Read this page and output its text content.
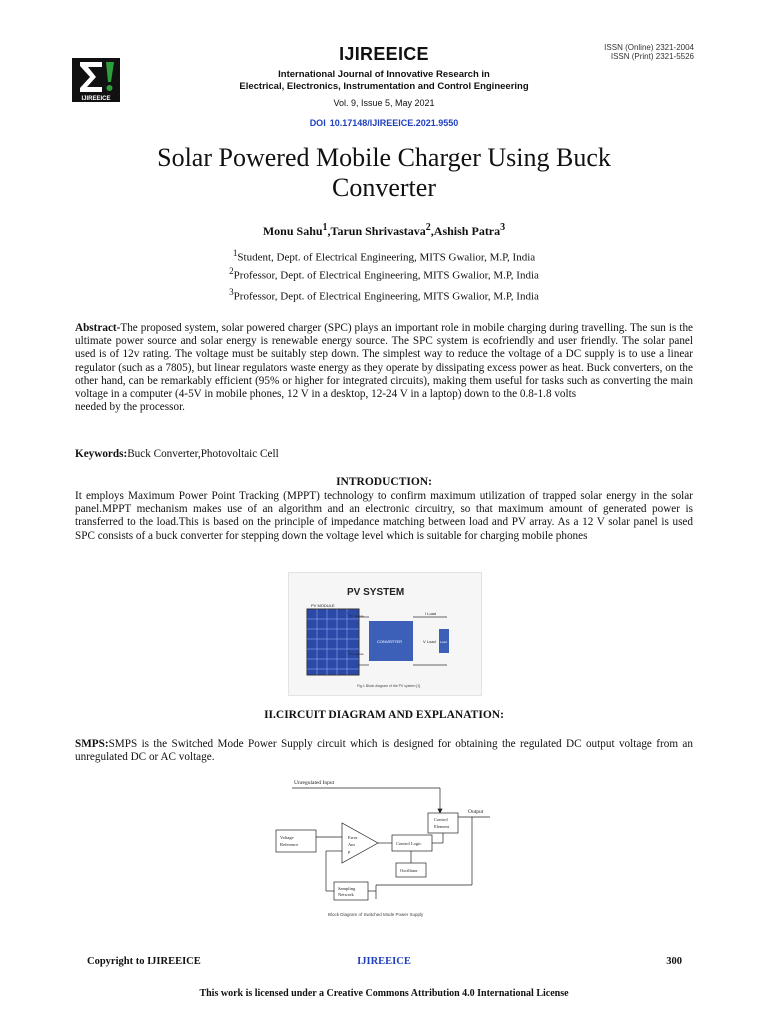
IJIREEICE
IJIREEICE	ISSN (Online) 2321-2004
ISSN (Print) 2321-5526
International Journal of Innovative Research in
Electrical, Electronics, Instrumentation and Control Engineering
Vol. 9, Issue 5, May 2021
DOI 10.17148/IJIREEICE.2021.9550
Solar Powered Mobile Charger Using Buck
Converter
Monu Sahu$^1$,Tarun Shrivastava$^2$,Ashish Patra$^3$
$^1$Student, Dept. of Electrical Engineering, MITS Gwalior, M.P, India
$^2$Professor, Dept. of Electrical Engineering, MITS Gwalior, M.P, India
$^3$Professor, Dept. of Electrical Engineering, MITS Gwalior, M.P, India
Abstract-The proposed system, solar powered charger (SPC) plays an important role in mobile charging during travelling. The sun is the ultimate power source and solar energy is renewable energy source. The SPC system is ecofriendly and user friendly. The solar panel used is of 12v rating. The voltage must be suitably step down. The simplest way to reduce the voltage of a DC supply is to use a linear regulator (such as a 7805), but linear regulators waste energy as they operate by dissipating excess power as heat. Buck converters, on the other hand, can be remarkably efficient (95% or higher for integrated circuits), making them useful for tasks such as converting the main voltage in a computer (4-5V in mobile phones, 12 V in a desktop, 12-24 V in a laptop) down to the 0.8-1.8 volts
needed by the processor.
Keywords:Buck Converter,Photovoltaic Cell
INTRODUCTION:
It employs Maximum Power Point Tracking (MPPT) technology to confirm maximum utilization of trapped solar energy in the solar panel.MPPT mechanism makes use of an algorithm and an electronic circuitry, so that maximum amount of generated power is transferred to the load.This is based on the principle of impedance matching between load and PV array. As a 12 V solar panel is used SPC consists of a buck converter for stepping down the voltage level which is suitable for charging mobile phones
PV SYSTEM
PV MODULE
I PV module
V PV module
CONVERTER
I Load
V Load Load
Fig.1 Block diagram of the PV system [1]
II.CIRCUIT DIAGRAM AND EXPLANATION:
SMPS:SMPS is the Switched Mode Power Supply circuit which is designed for obtaining the regulated DC output voltage from an unregulated DC or AC voltage.
Unregulated Input
Control
Element
Output
Voltage
Reference
Error
Am
p
Control Logic
Oscillator
Sampling
Network
Block Diagram of Switched Mode Power Supply
Copyright to IJIREEICE	IJIREEICE	300
This work is licensed under a Creative Commons Attribution 4.0 International License
